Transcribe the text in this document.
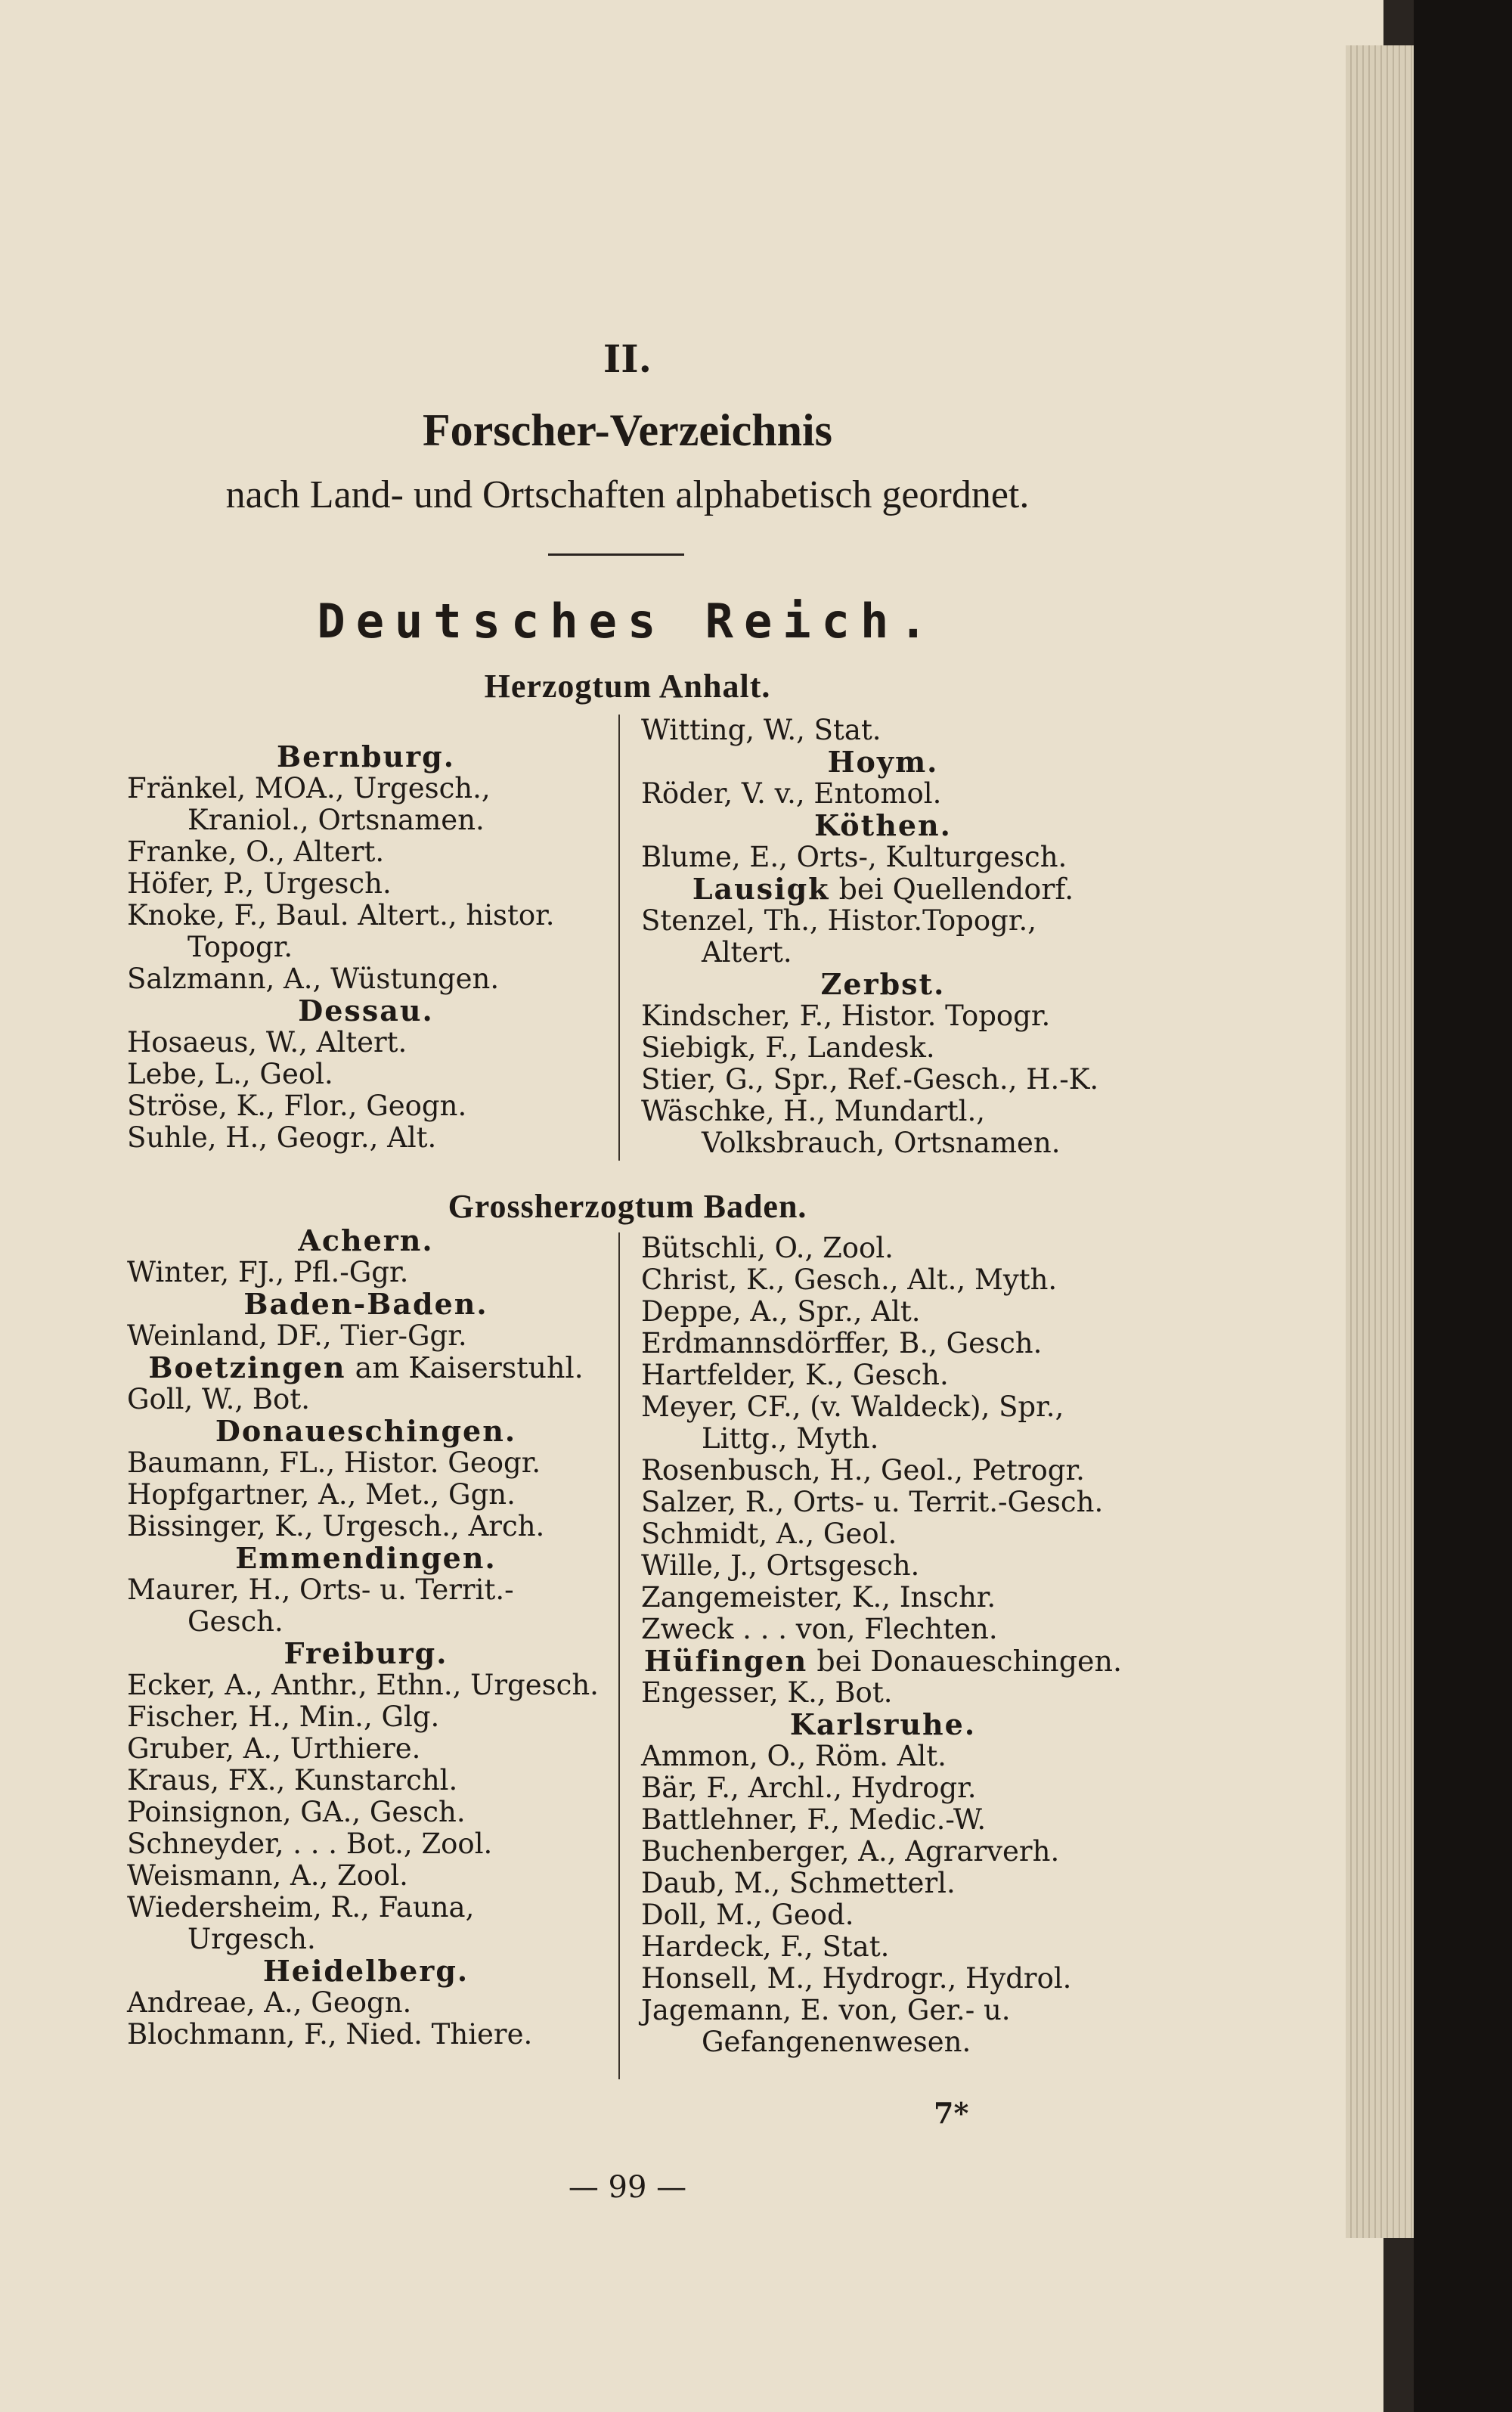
II.
Forscher-Verzeichnis
nach Land- und Ortschaften alphabetisch geordnet.
Deutsches Reich.
Herzogtum Anhalt.
Bernburg.

Fränkel, MOA., Urgesch., Kraniol., Ortsnamen.

Franke, O., Altert.

Höfer, P., Urgesch.

Knoke, F., Baul. Altert., histor. Topogr.

Salzmann, A., Wüstungen.

Dessau.

Hosaeus, W., Altert.

Lebe, L., Geol.

Ströse, K., Flor., Geogn.

Suhle, H., Geogr., Alt.

Witting, W., Stat.

Hoym.

Röder, V. v., Entomol.

Köthen.

Blume, E., Orts-, Kulturgesch.

Lausigk bei Quellendorf.

Stenzel, Th., Histor.Topogr., Altert.

Zerbst.

Kindscher, F., Histor. Topogr.

Siebigk, F., Landesk.

Stier, G., Spr., Ref.-Gesch., H.-K.

Wäschke, H., Mundartl., Volksbrauch, Ortsnamen.

Grossherzogtum Baden.
Achern.

Winter, FJ., Pfl.-Ggr.

Baden-Baden.

Weinland, DF., Tier-Ggr.

Boetzingen am Kaiserstuhl.

Goll, W., Bot.

Donaueschingen.

Baumann, FL., Histor. Geogr.

Hopfgartner, A., Met., Ggn.

Bissinger, K., Urgesch., Arch.

Emmendingen.

Maurer, H., Orts- u. Territ.-Gesch.

Freiburg.

Ecker, A., Anthr., Ethn., Urgesch.

Fischer, H., Min., Glg.

Gruber, A., Urthiere.

Kraus, FX., Kunstarchl.

Poinsignon, GA., Gesch.

Schneyder, . . . Bot., Zool.

Weismann, A., Zool.

Wiedersheim, R., Fauna, Urgesch.

Heidelberg.

Andreae, A., Geogn.

Blochmann, F., Nied. Thiere.

Bütschli, O., Zool.

Christ, K., Gesch., Alt., Myth.

Deppe, A., Spr., Alt.

Erdmannsdörffer, B., Gesch.

Hartfelder, K., Gesch.

Meyer, CF., (v. Waldeck), Spr., Littg., Myth.

Rosenbusch, H., Geol., Petrogr.

Salzer, R., Orts- u. Territ.-Gesch.

Schmidt, A., Geol.

Wille, J., Ortsgesch.

Zangemeister, K., Inschr.

Zweck . . . von, Flechten.

Hüfingen bei Donaueschingen.

Engesser, K., Bot.

Karlsruhe.

Ammon, O., Röm. Alt.

Bär, F., Archl., Hydrogr.

Battlehner, F., Medic.-W.

Buchenberger, A., Agrarverh.

Daub, M., Schmetterl.

Doll, M., Geod.

Hardeck, F., Stat.

Honsell, M., Hydrogr., Hydrol.

Jagemann, E. von, Ger.- u. Gefangenenwesen.

7*
— 99 —
